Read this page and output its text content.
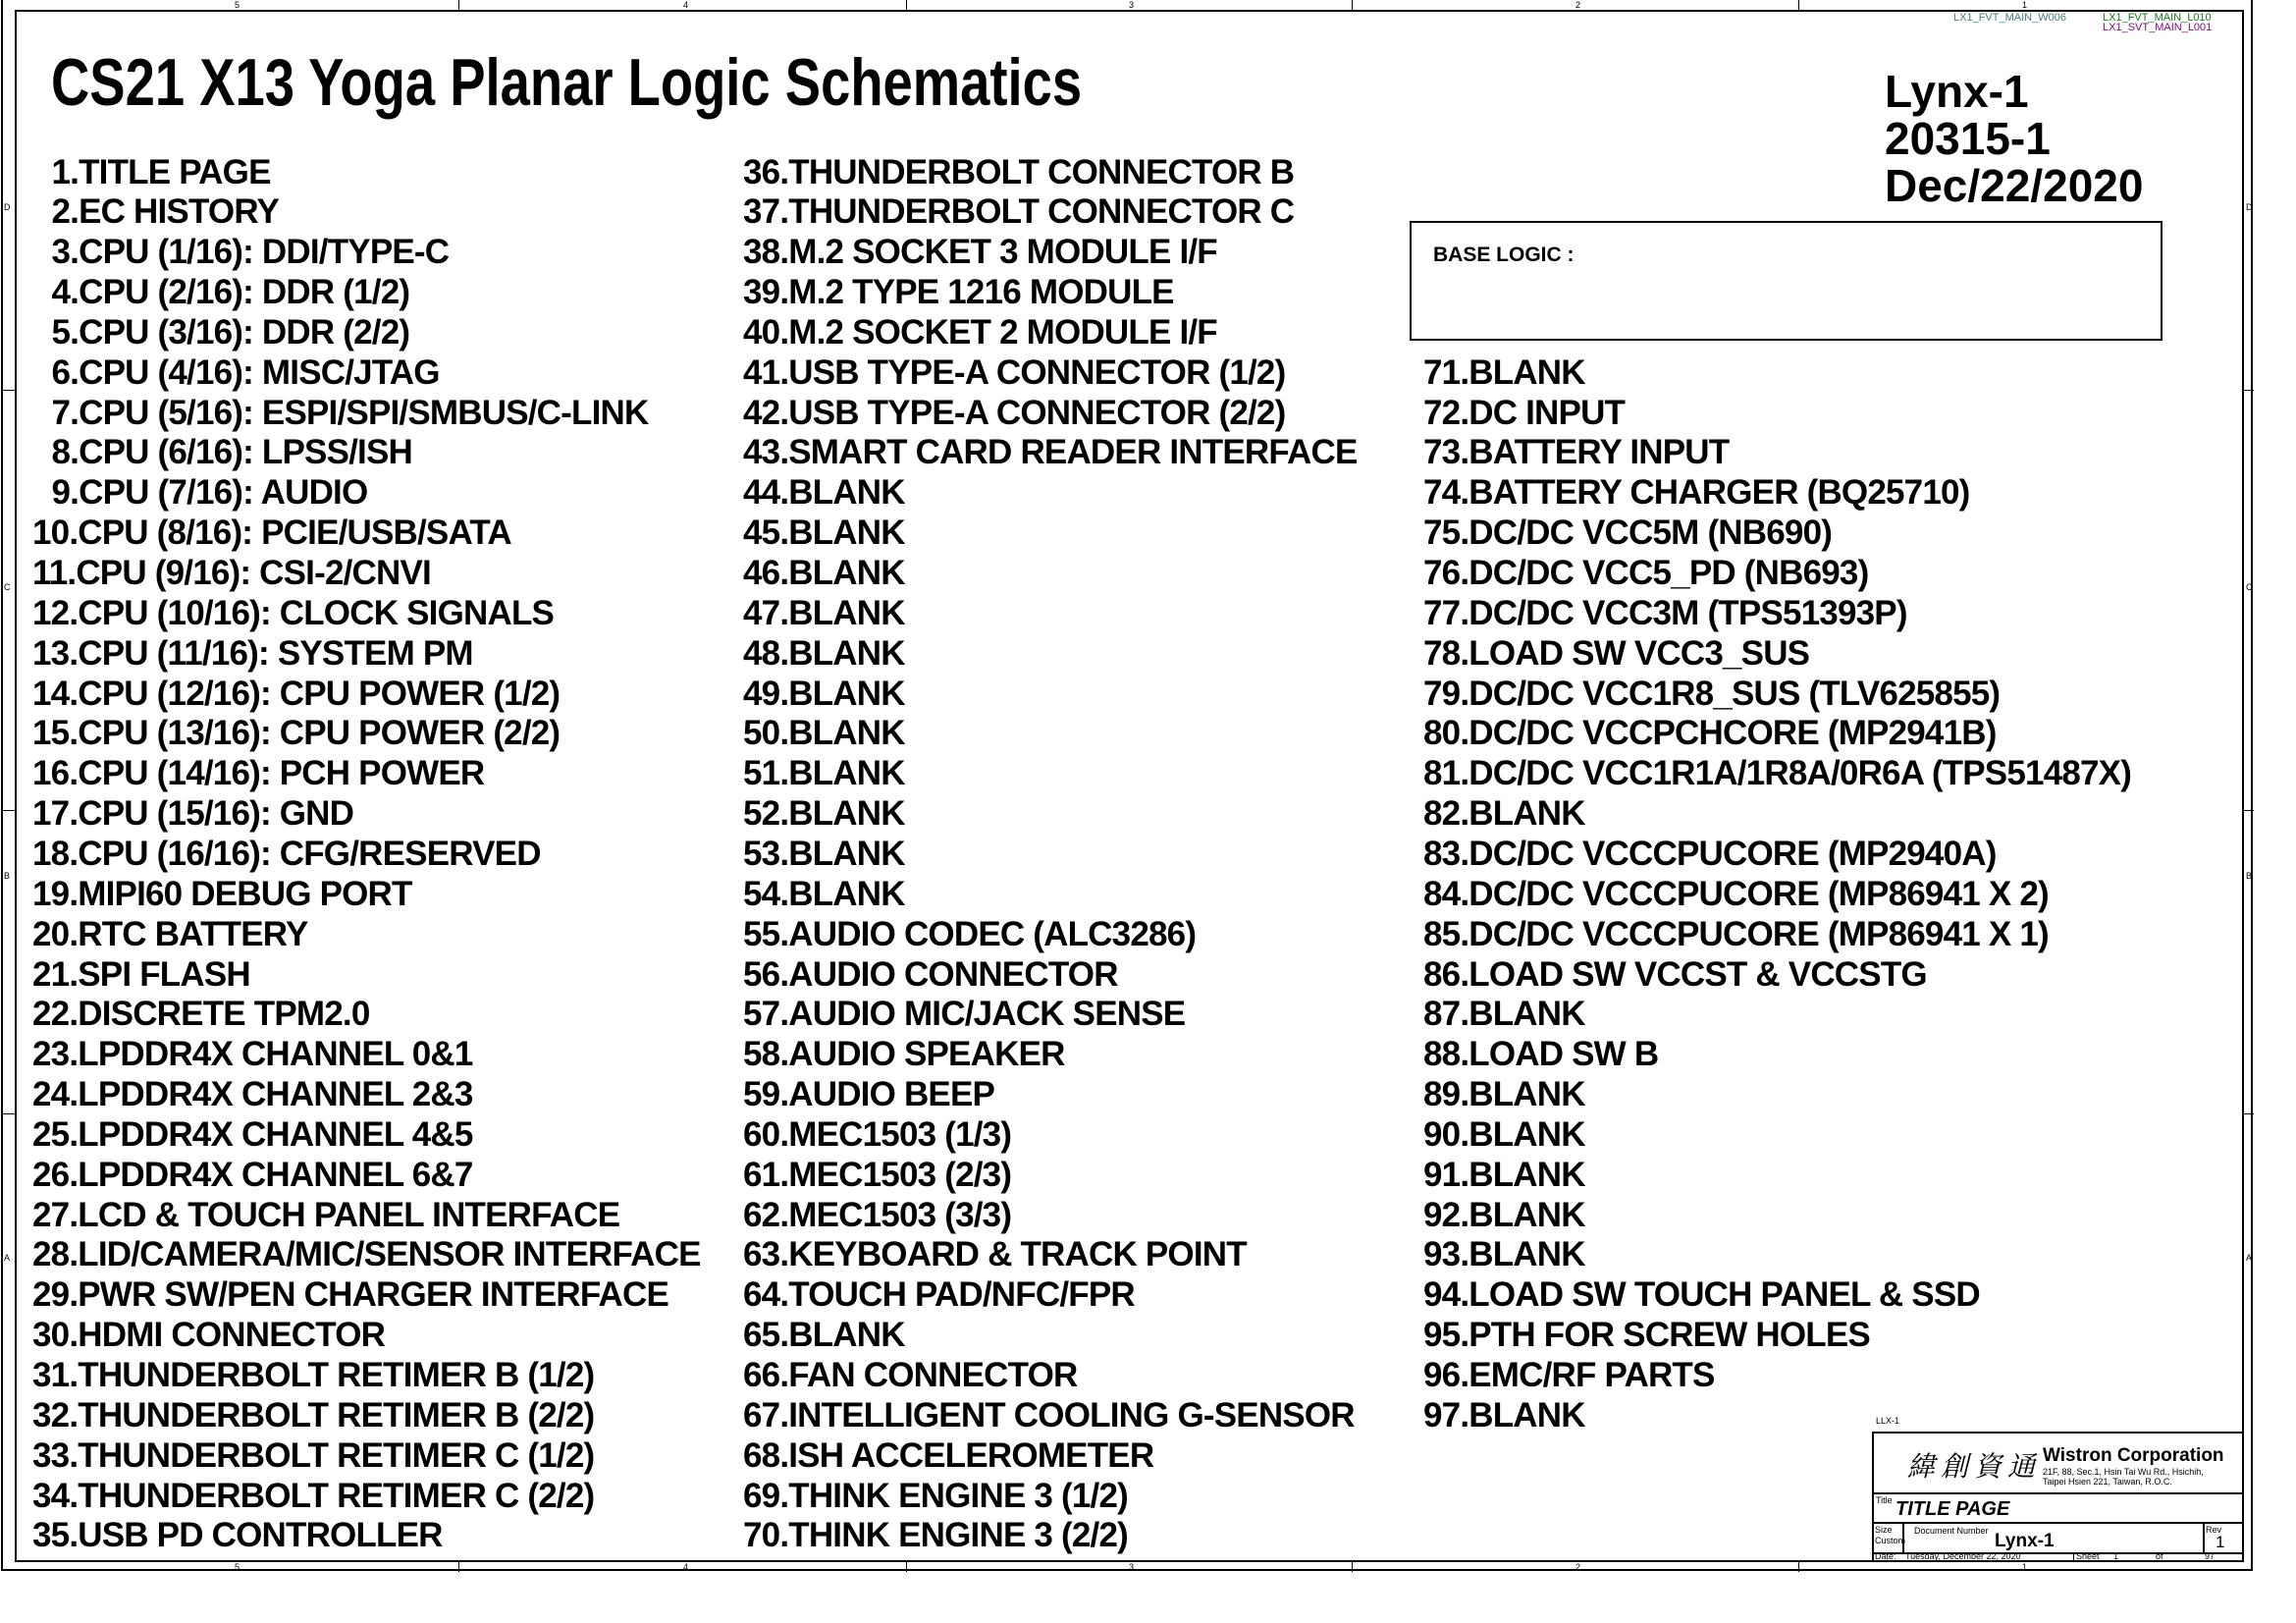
5
5
4
4
3
3
2
2
1
1
D	D
C	C
B	B
A	A
CS21 X13 Yoga Planar Logic Schematics
LX1_FVT_MAIN_W006	LX1_FVT_MAIN_L010
LX1_SVT_MAIN_L001
Lynx-1
20315-1
Dec/22/2020
BASE LOGIC :
1.TITLE PAGE
2.EC HISTORY
3.CPU (1/16): DDI/TYPE-C
4.CPU (2/16): DDR (1/2)
5.CPU (3/16): DDR (2/2)
6.CPU (4/16): MISC/JTAG
7.CPU (5/16): ESPI/SPI/SMBUS/C-LINK
8.CPU (6/16): LPSS/ISH
9.CPU (7/16): AUDIO
10.CPU (8/16): PCIE/USB/SATA
11.CPU (9/16): CSI-2/CNVI
12.CPU (10/16): CLOCK SIGNALS
13.CPU (11/16): SYSTEM PM
14.CPU (12/16): CPU POWER (1/2)
15.CPU (13/16): CPU POWER (2/2)
16.CPU (14/16): PCH POWER
17.CPU (15/16): GND
18.CPU (16/16): CFG/RESERVED
19.MIPI60 DEBUG PORT
20.RTC BATTERY
21.SPI FLASH
22.DISCRETE TPM2.0
23.LPDDR4X CHANNEL 0&1
24.LPDDR4X CHANNEL 2&3
25.LPDDR4X CHANNEL 4&5
26.LPDDR4X CHANNEL 6&7
27.LCD & TOUCH PANEL INTERFACE
28.LID/CAMERA/MIC/SENSOR INTERFACE
29.PWR SW/PEN CHARGER INTERFACE
30.HDMI CONNECTOR
31.THUNDERBOLT RETIMER B (1/2)
32.THUNDERBOLT RETIMER B (2/2)
33.THUNDERBOLT RETIMER C (1/2)
34.THUNDERBOLT RETIMER C (2/2)
35.USB PD CONTROLLER
36.THUNDERBOLT CONNECTOR B
37.THUNDERBOLT CONNECTOR C
38.M.2 SOCKET 3 MODULE I/F
39.M.2 TYPE 1216 MODULE
40.M.2 SOCKET 2 MODULE I/F
41.USB TYPE-A CONNECTOR (1/2)
42.USB TYPE-A CONNECTOR (2/2)
43.SMART CARD READER INTERFACE
44.BLANK
45.BLANK
46.BLANK
47.BLANK
48.BLANK
49.BLANK
50.BLANK
51.BLANK
52.BLANK
53.BLANK
54.BLANK
55.AUDIO CODEC (ALC3286)
56.AUDIO CONNECTOR
57.AUDIO MIC/JACK SENSE
58.AUDIO SPEAKER
59.AUDIO BEEP
60.MEC1503 (1/3)
61.MEC1503 (2/3)
62.MEC1503 (3/3)
63.KEYBOARD & TRACK POINT
64.TOUCH PAD/NFC/FPR
65.BLANK
66.FAN CONNECTOR
67.INTELLIGENT COOLING G-SENSOR
68.ISH ACCELEROMETER
69.THINK ENGINE 3 (1/2)
70.THINK ENGINE 3 (2/2)
71.BLANK
72.DC INPUT
73.BATTERY INPUT
74.BATTERY CHARGER (BQ25710)
75.DC/DC VCC5M (NB690)
76.DC/DC VCC5_PD (NB693)
77.DC/DC VCC3M (TPS51393P)
78.LOAD SW VCC3_SUS
79.DC/DC VCC1R8_SUS (TLV625855)
80.DC/DC VCCPCHCORE (MP2941B)
81.DC/DC VCC1R1A/1R8A/0R6A (TPS51487X)
82.BLANK
83.DC/DC VCCCPUCORE (MP2940A)
84.DC/DC VCCCPUCORE (MP86941 X 2)
85.DC/DC VCCCPUCORE (MP86941 X 1)
86.LOAD SW VCCST & VCCSTG
87.BLANK
88.LOAD SW B
89.BLANK
90.BLANK
91.BLANK
92.BLANK
93.BLANK
94.LOAD SW TOUCH PANEL & SSD
95.PTH FOR SCREW HOLES
96.EMC/RF PARTS
97.BLANK	LLX-1
緯創資通 Wistron Corporation
21F, 88, Sec.1, Hsin Tai Wu Rd., Hsichih,
Taipei Hsien 221, Taiwan, R.O.C.
Title TITLE PAGE
Size
Custom
Document Number Lynx-1
Rev
1
Date: Tuesday, December 22, 2020	Sheet 1	of	97
